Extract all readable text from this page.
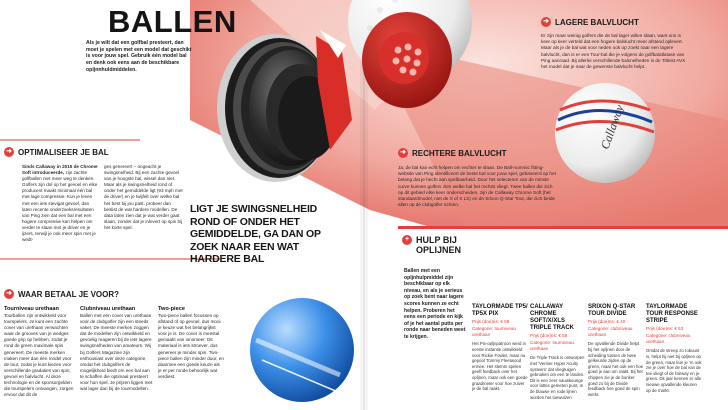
Callaway
BALLEN
Als je wilt dat een golfbal presteert, dan moet je spelen met een model dat geschikt is voor jouw spel. Gebruik één model bal en denk ook eens aan de beschikbare opljnnhuldmiddelen.
➜ OPTIMALISEER JE BAL
Sinds Callaway in 2015 de Chrome Soft introduceerde, zijn zachte golfballen niet meer weg te denken. Golfers zijn dol op het gevoel en elke producent maakt minimaal één bal met lage compressie. Kun je leven met een iets stevigat gevoel, dan laten recente onderzoeksresultaten van Ping zien dat een bal met een hogere compressie kan helpen om verder te slaan met je driver en je ijzers, terwijl je ook meer spin met je wedt-
ges genereert – ongeacht je swingsnelheid. Bij een zachte gevoel van je hoogste bal, wissel dan niet. Maar als je swingsnelheid rond of onder het gemiddelde ligt (93 mph met de driver) en je twijfelt over welke bal het best bij jou past, probeer dan beslist de wat hardere modellen. De data laten zien dat je wat verder gaat slaan, zonder dat je inlevert op spin bij het korte spel.
LIGT JE SWINGSNELHEID ROND OF ONDER HET GEMIDDELDE, GA DAN OP ZOEK NAAR EEN WAT HARDERE BAL
➜ WAAR BETAAL JE VOOR?
Tourniveau urethaan
Tourballen zijn ontwikkeld voor tourspelers. Je kunt een zachte cover van urethaan verwachten waar de grooves van je wedges goede grip op hebben, zodat je rond de green maximale spin genereert. De meeste merken maken meer dan één model voor de tour, zodat je kunt kiezen voor verschillende gradaties van spin, gevoel en balvlucht. Al deze technologie en de sponsorgelden die tourspelers ontvangen, zorgen ervoor dat dit de
Clubniveau urethaan
Ballen met een cover van urethaan voor de clubgolfer zijn een steeds vaker. De meeste merken zoggen dat de modellen zijn ontwikkeld en gevoelig reageren bij de iets lagere swingsnelheden van amateurs. Wij bij Golfers Magazine zijn enthousiast over deze categorie, omdat het clubgolfers de mogelijkheid biedt om een bal aan te schaffen die optimaal presteert voor hun spel. Je prijzen liggen met wat lager dan bij de tourmodellen.
Two-piece
Two-piece ballen focussen op afstand of op gevoel, dus mooi je keuze wat het belangrijkst voor je is. De cover is meestal gemaakt van ionomeer. Dit materiaal is iets stroever, dus genereer je minder spin. Two-piece ballen zijn minder duur, en daarmee een goede keuze als je er per ronde behoorlijk wat verdiest.
➜ LAGERE BALVLUCHT
Er zijn maar weinig golfers die de bal lager willen slaan, want ons is keer op keer verteld dat een hogere balvlucht meer afstand oplevert. Maar als je de bal wat voor neden ook op zoekt naar een lagere balvlucht, dan is er een Tour-bal die je volgens de golfbalatlatase van Ping aanraad. Bij allerlei verschillende balsnelheden is de Titleist AVX het model dat je naar de gewenste balvlucht helpt.
➜ RECHTERE BALVLUCHT
Ja, de bal kan echt helpen om rechter te slaan. De Ball-nummic fitting-website van Ping identificeert de beste bal voor jouw spel, gebaseerd op het belang dat je hecht aan spelbaarheid. Door het selecteren van de minste curve kunnen golfers zien welke bal het rechtst vliegt. Twee ballen die zich op dit gebied elke keer onderscheiden, zijn de Callaway Chrome Soft (het standaardmodel, niet de X of X LS) en de Srixon Q-Star Tour, die zich beide allen op de clubgolfer richten.
+ HULP BIJ OPLIJNEN
Ballen met een opljnhulpmiddel zijn beschikbaar op elk niveau, en als je serieus op zoek bent naar lagere scores kunnen ze echt helpen. Proberen het eens een periode en kijk of je het aantal putts per ronde naar beneden weet te krijgen.
TAYLORMADE TP5/ TP5X PIX
Prijs (doe)ns: € 58
Categorie: tourniveau urethaan
Het Pix-opljnpatroon werd in eerste instantie ontwikkeld voor Rickie Fowler, maar nu gepoot Tommy Fleetwood ermee. Het stemm spelen geeft feedback over het opljnen, maar ook een goede graadmeter voor hoe zuiver je de bal raakt.
CALLAWAY CHROME SOFT/X/XLS TRIPLE TRACK
Prijs (doe)ns: € 58
Categorie: tourniveau urethaan
De Triple Track is ontworpen met 'Vernier Hyper Acuity systeem' dat vliegtuigen gebruiken om een te landen. Dit is een zeer nauwkeurige voor lattes gemeten punt, m de blauwe en rode lijnen worden het toewuizen
SRIXON Q-STAR TOUR DIVIDE
Prijs (doe)ns: € 40
Categorie: clubniveau urethaan
De opvallende Divide helpt bij het opljnen door de scheiding tussen de twee gelkeurde zijden op de green, maar het ook een hoe goed je aan om raakt. Bij het chippen zie je de bunker goed zo bij de Divide feedback hoe goed de spin werkt.
TAYLORMADE TOUR RESPONSE STRIPE
Prijs (doe)ns: € 53
Categorie: clubniveau urethaan
Omdat de streep zo robuust is, helpt hij niet bij opljnen op de green, maar kun je 'm ook zie je over hoe de bal van de tee vliegt of de fairway en je green. Dit jaar kennen er alle nieuwe opvallende kleuren op de markt.
